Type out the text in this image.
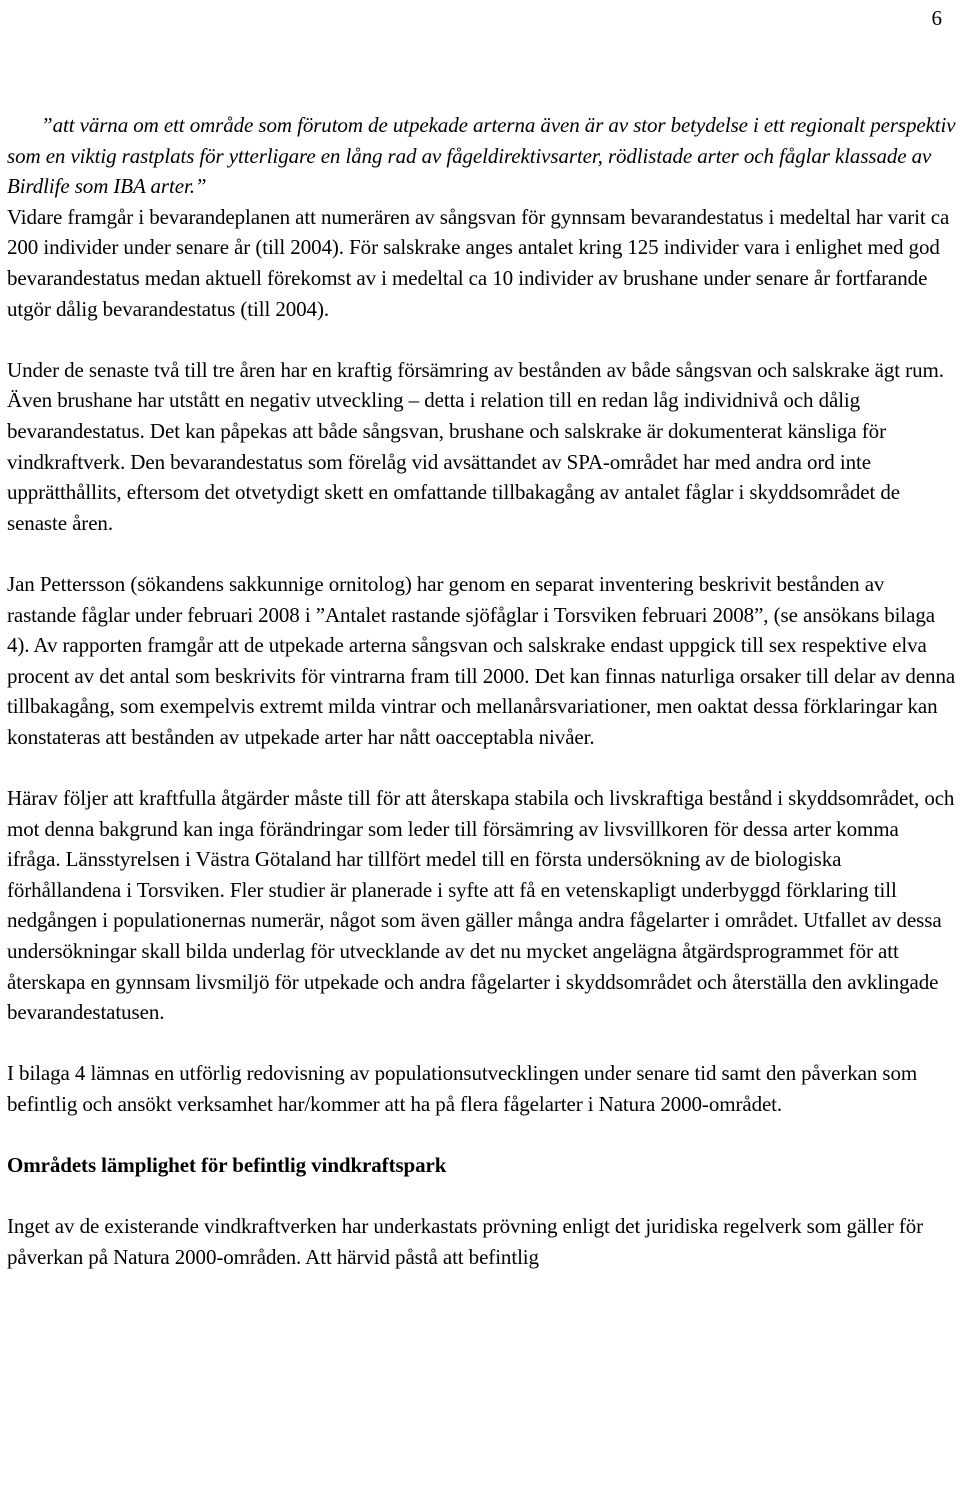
6

”att värna om ett område som förutom de utpekade arterna även är av stor betydelse i ett regionalt perspektiv som en viktig rastplats för ytterligare en lång rad av fågeldirektivsarter, rödlistade arter och fåglar klassade av Birdlife som IBA arter.”

Vidare framgår i bevarandeplanen att numerären av sångsvan för gynnsam bevarandestatus i medeltal har varit ca 200 individer under senare år (till 2004). För salskrake anges antalet kring 125 individer vara i enlighet med god bevarandestatus medan aktuell förekomst av i medeltal ca 10 individer av brushane under senare år fortfarande utgör dålig bevarandestatus (till 2004).

Under de senaste två till tre åren har en kraftig försämring av bestånden av både sångsvan och salskrake ägt rum. Även brushane har utstått en negativ utveckling – detta i relation till en redan låg individnivå och dålig bevarandestatus. Det kan påpekas att både sångsvan, brushane och salskrake är dokumenterat känsliga för vindkraftverk. Den bevarandestatus som förelåg vid avsättandet av SPA-området har med andra ord inte upprätthållits, eftersom det otvetydigt skett en omfattande tillbakagång av antalet fåglar i skyddsområdet de senaste åren.

Jan Pettersson (sökandens sakkunnige ornitolog) har genom en separat inventering beskrivit bestånden av rastande fåglar under februari 2008 i ”Antalet rastande sjöfåglar i Torsviken februari 2008”, (se ansökans bilaga 4). Av rapporten framgår att de utpekade arterna sångsvan och salskrake endast uppgick till sex respektive elva procent av det antal som beskrivits för vintrarna fram till 2000. Det kan finnas naturliga orsaker till delar av denna tillbakagång, som exempelvis extremt milda vintrar och mellanårsvariationer, men oaktat dessa förklaringar kan konstateras att bestånden av utpekade arter har nått oacceptabla nivåer.

Härav följer att kraftfulla åtgärder måste till för att återskapa stabila och livskraftiga bestånd i skyddsområdet, och mot denna bakgrund kan inga förändringar som leder till försämring av livsvillkoren för dessa arter komma ifråga. Länsstyrelsen i Västra Götaland har tillfört medel till en första undersökning av de biologiska förhållandena i Torsviken. Fler studier är planerade i syfte att få en vetenskapligt underbyggd förklaring till nedgången i populationernas numerär, något som även gäller många andra fågelarter i området. Utfallet av dessa undersökningar skall bilda underlag för utvecklande av det nu mycket angelägna åtgärdsprogrammet för att återskapa en gynnsam livsmiljö för utpekade och andra fågelarter i skyddsområdet och återställa den avklingade bevarandestatusen.

I bilaga 4 lämnas en utförlig redovisning av populationsutvecklingen under senare tid samt den påverkan som befintlig och ansökt verksamhet har/kommer att ha på flera fågelarter i Natura 2000-området.

Områdets lämplighet för befintlig vindkraftspark

Inget av de existerande vindkraftverken har underkastats prövning enligt det juridiska regelverk som gäller för påverkan på Natura 2000-områden. Att härvid påstå att befintlig
